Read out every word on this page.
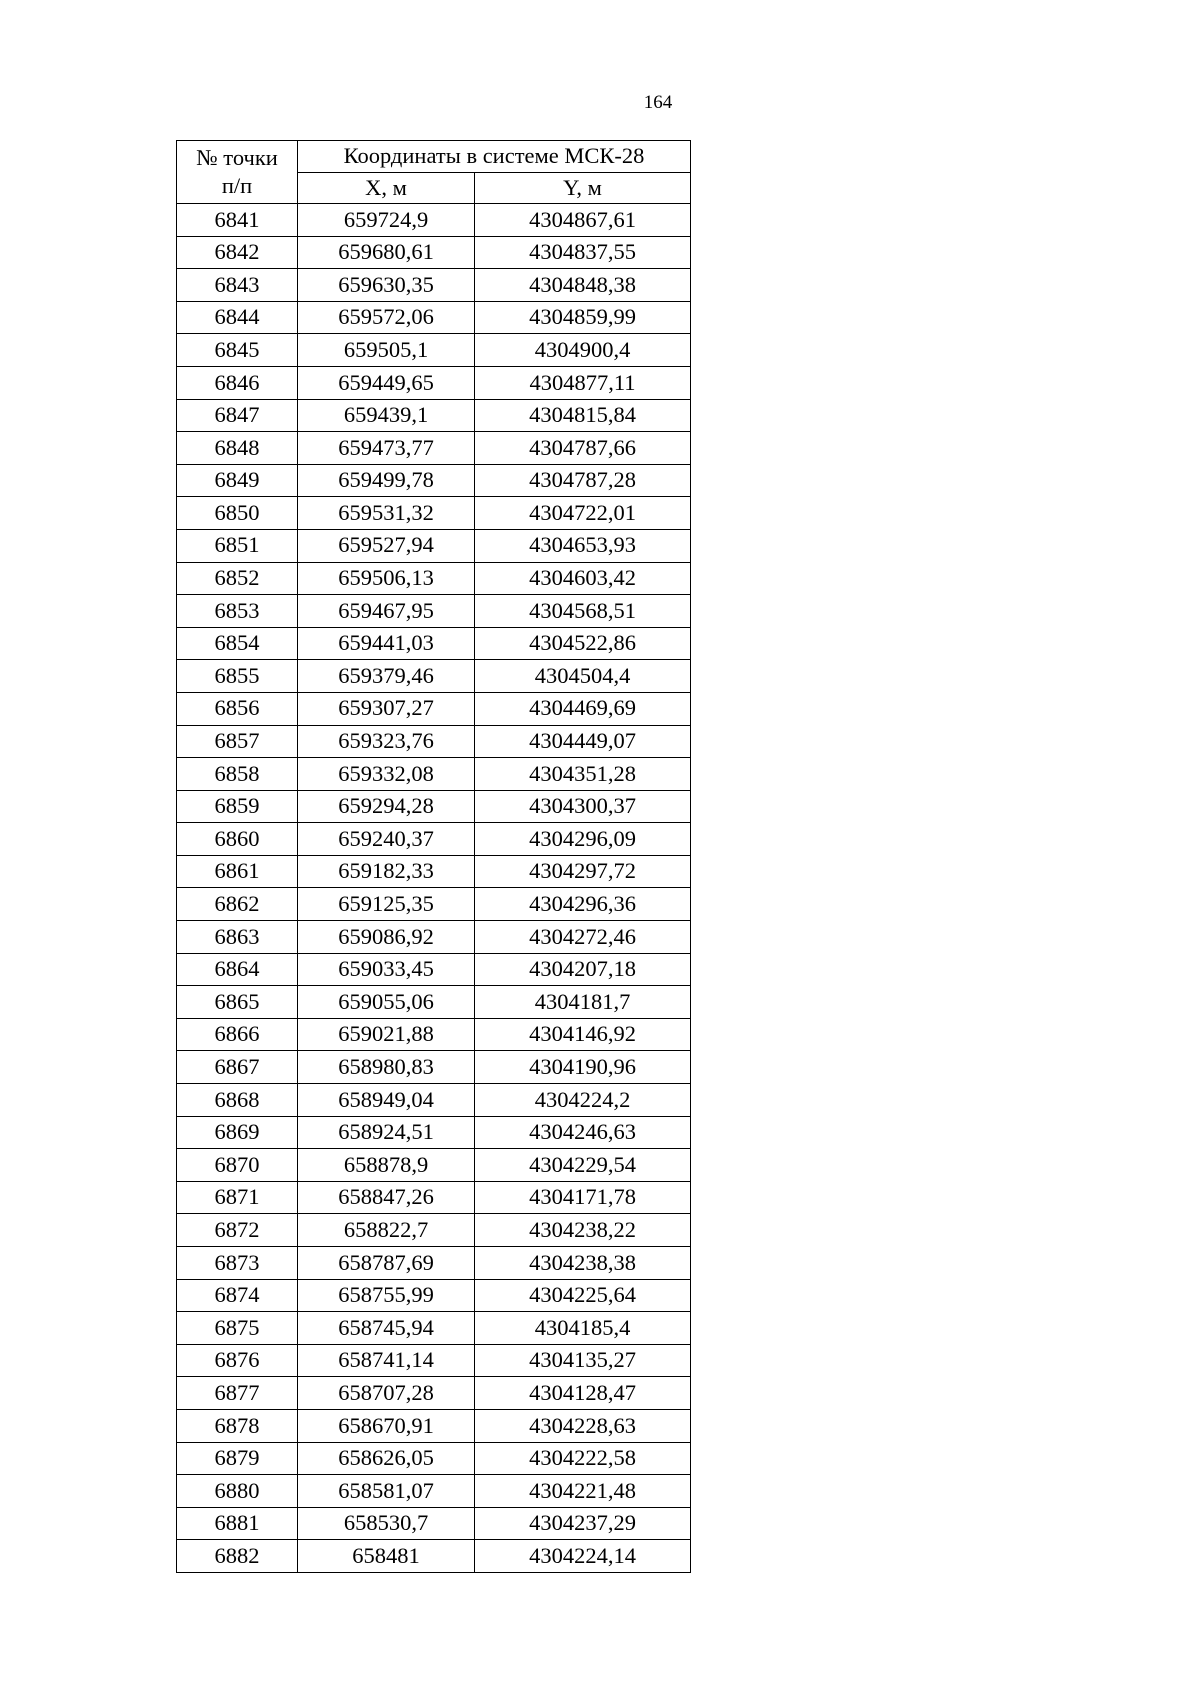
164
№ точки
п/п	Координаты в системе МСК-28	
	X, м	Y, м
6841	659724,9	4304867,61
6842	659680,61	4304837,55
6843	659630,35	4304848,38
6844	659572,06	4304859,99
6845	659505,1	4304900,4
6846	659449,65	4304877,11
6847	659439,1	4304815,84
6848	659473,77	4304787,66
6849	659499,78	4304787,28
6850	659531,32	4304722,01
6851	659527,94	4304653,93
6852	659506,13	4304603,42
6853	659467,95	4304568,51
6854	659441,03	4304522,86
6855	659379,46	4304504,4
6856	659307,27	4304469,69
6857	659323,76	4304449,07
6858	659332,08	4304351,28
6859	659294,28	4304300,37
6860	659240,37	4304296,09
6861	659182,33	4304297,72
6862	659125,35	4304296,36
6863	659086,92	4304272,46
6864	659033,45	4304207,18
6865	659055,06	4304181,7
6866	659021,88	4304146,92
6867	658980,83	4304190,96
6868	658949,04	4304224,2
6869	658924,51	4304246,63
6870	658878,9	4304229,54
6871	658847,26	4304171,78
6872	658822,7	4304238,22
6873	658787,69	4304238,38
6874	658755,99	4304225,64
6875	658745,94	4304185,4
6876	658741,14	4304135,27
6877	658707,28	4304128,47
6878	658670,91	4304228,63
6879	658626,05	4304222,58
6880	658581,07	4304221,48
6881	658530,7	4304237,29
6882	658481	4304224,14
